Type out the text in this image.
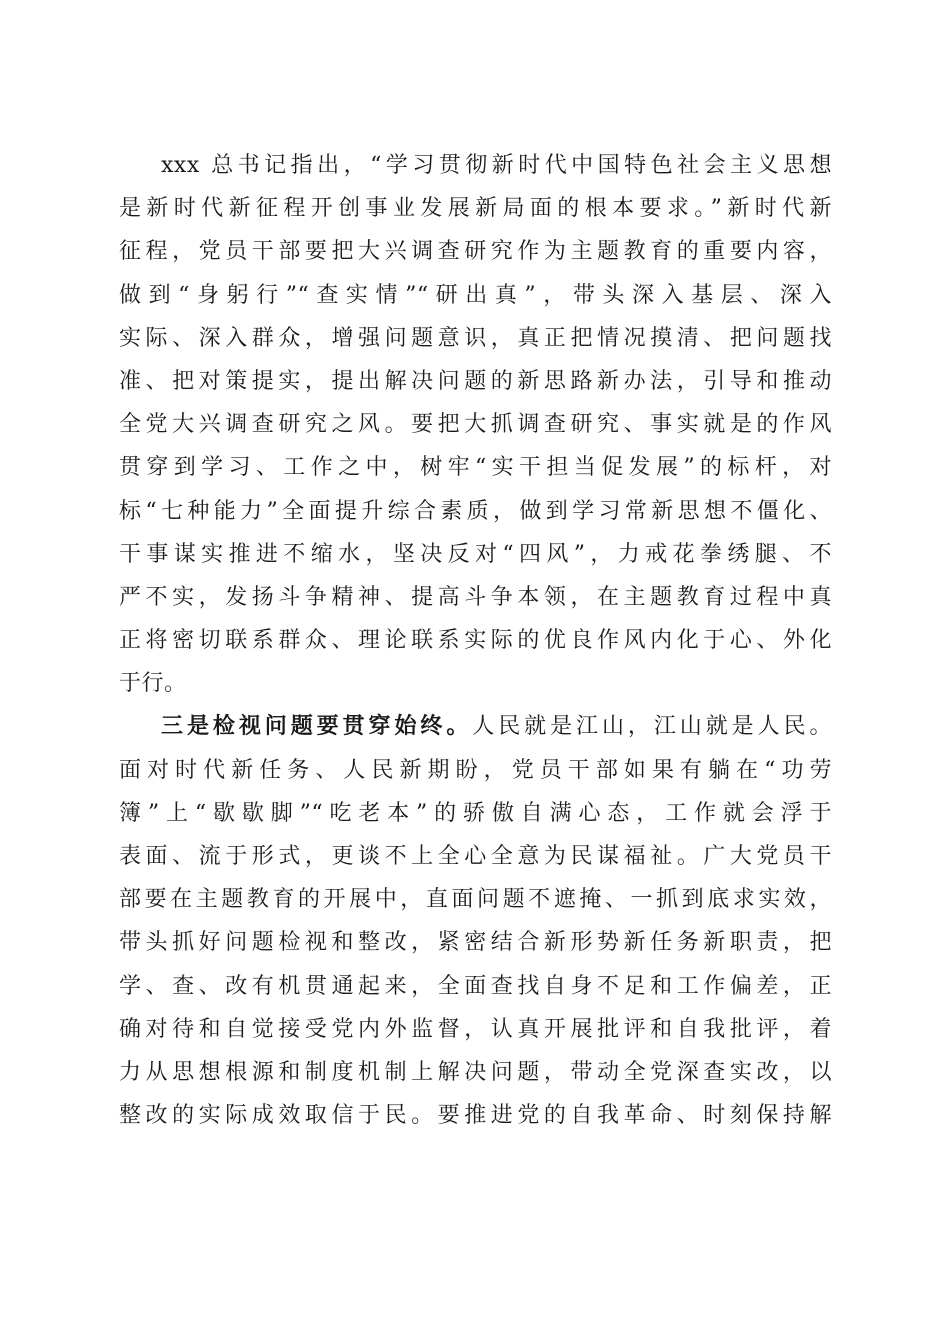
xxx 总书记指出，“学习贯彻新时代中国特色社会主义思想
是新时代新征程开创事业发展新局面的根本要求。”新时代新
征程，党员干部要把大兴调查研究作为主题教育的重要内容，
做到“身躬行”“查实情”“研出真”，带头深入基层、深入
实际、深入群众，增强问题意识，真正把情况摸清、把问题找
准、把对策提实，提出解决问题的新思路新办法，引导和推动
全党大兴调查研究之风。要把大抓调查研究、事实就是的作风
贯穿到学习、工作之中，树牢“实干担当促发展”的标杆，对
标“七种能力”全面提升综合素质，做到学习常新思想不僵化、
干事谋实推进不缩水，坚决反对“四风”，力戒花拳绣腿、不
严不实，发扬斗争精神、提高斗争本领，在主题教育过程中真
正将密切联系群众、理论联系实际的优良作风内化于心、外化
于行。
三是检视问题要贯穿始终。人民就是江山，江山就是人民。
面对时代新任务、人民新期盼，党员干部如果有躺在“功劳
簿”上“歇歇脚”“吃老本”的骄傲自满心态，工作就会浮于
表面、流于形式，更谈不上全心全意为民谋福祉。广大党员干
部要在主题教育的开展中，直面问题不遮掩、一抓到底求实效，
带头抓好问题检视和整改，紧密结合新形势新任务新职责，把
学、查、改有机贯通起来，全面查找自身不足和工作偏差，正
确对待和自觉接受党内外监督，认真开展批评和自我批评，着
力从思想根源和制度机制上解决问题，带动全党深查实改，以
整改的实际成效取信于民。要推进党的自我革命、时刻保持解
